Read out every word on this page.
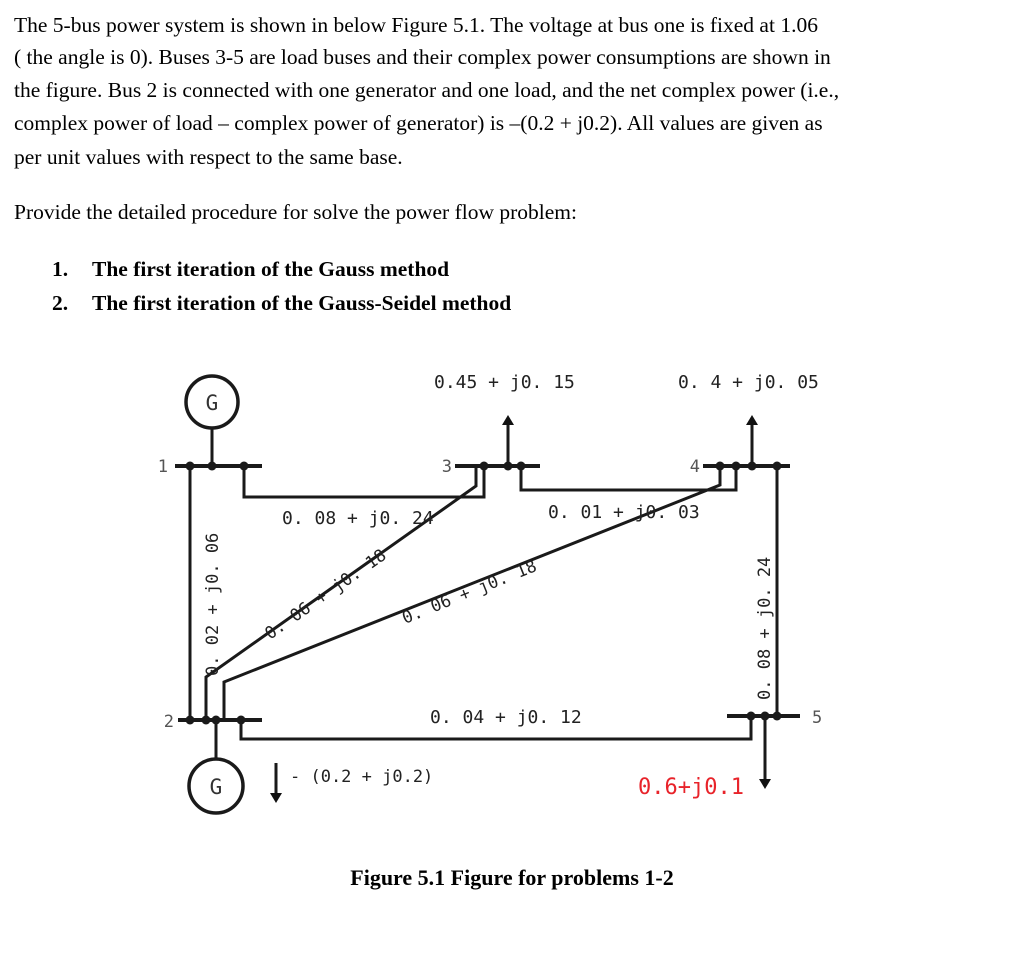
The 5-bus power system is shown in below Figure 5.1. The voltage at bus one is fixed at 1.06
( the angle is 0). Buses 3-5 are load buses and their complex power consumptions are shown in
the figure. Bus 2 is connected with one generator and one load, and the net complex power (i.e.,
complex power of load – complex power of generator) is –(0.2 + j0.2). All values are given as
per unit values with respect to the same base.
Provide the detailed procedure for solve the power flow problem:
1. The first iteration of the Gauss method
2. The first iteration of the Gauss-Seidel method
G
G
1
2
3	4
5
0.45 + j0. 15	0. 4 + j0. 05
- (0.2 + j0.2)	0.6+j0.1
0. 08 + j0. 24	0. 01 + j0. 03
0. 04 + j0. 12
0. 02 + j0. 06	0. 08 + j0. 24
0. 06 + j0. 18 0. 06 + j0. 18
Figure 5.1 Figure for problems 1-2
